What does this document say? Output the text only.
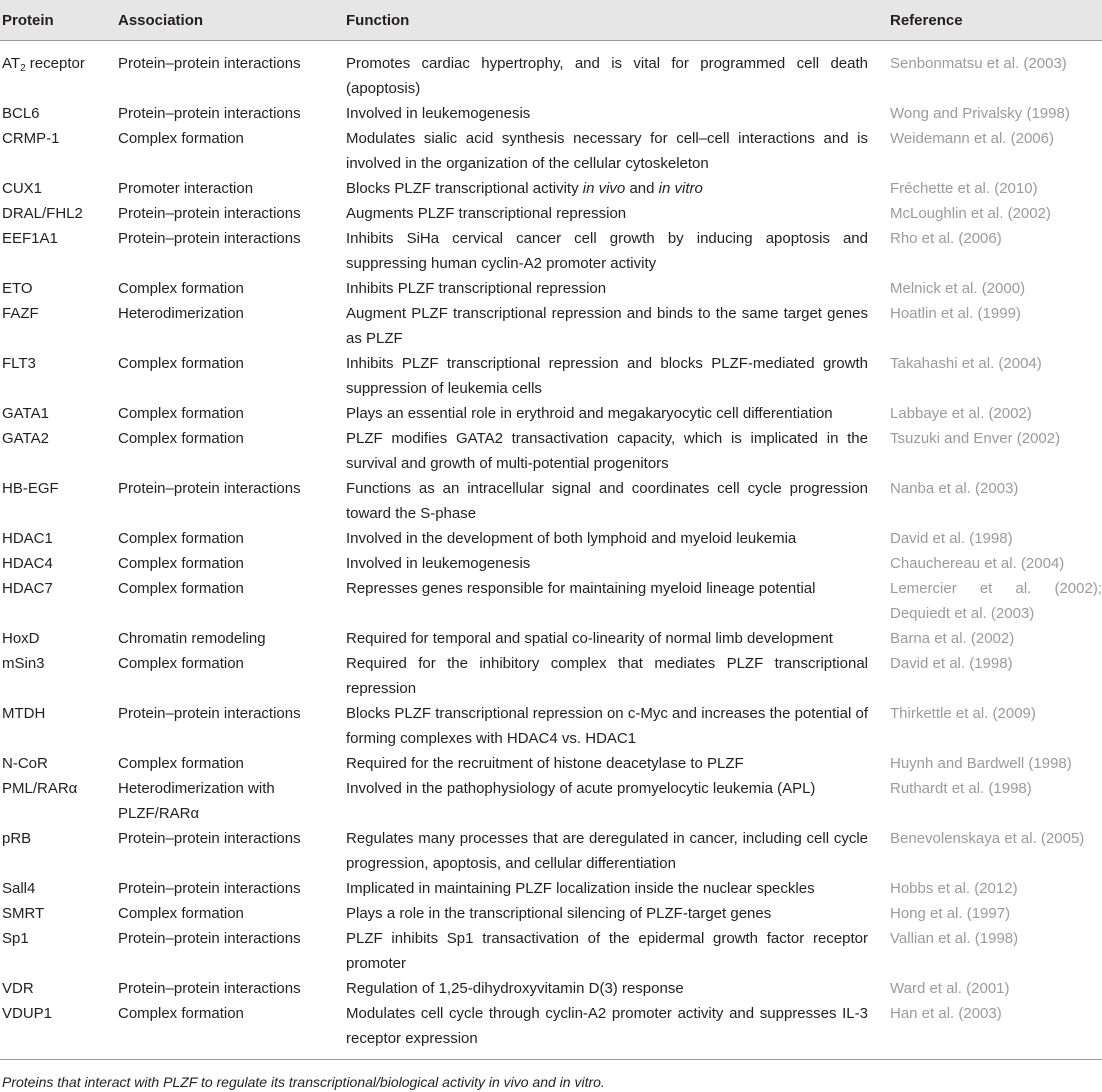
Protein	Association	Function	Reference
$AT_2$ receptor	Protein–protein interactions	Promotes cardiac hypertrophy, and is vital for programmed cell death (apoptosis)	Senbonmatsu et al. (2003)
BCL6	Protein–protein interactions	Involved in leukemogenesis	Wong and Privalsky (1998)
CRMP-1	Complex formation	Modulates sialic acid synthesis necessary for cell–cell interactions and is involved in the organization of the cellular cytoskeleton	Weidemann et al. (2006)
CUX1	Promoter interaction	Blocks PLZF transcriptional activity in vivo and in vitro	Fréchette et al. (2010)
DRAL/FHL2	Protein–protein interactions	Augments PLZF transcriptional repression	McLoughlin et al. (2002)
EEF1A1	Protein–protein interactions	Inhibits SiHa cervical cancer cell growth by inducing apoptosis and suppressing human cyclin-A2 promoter activity	Rho et al. (2006)
ETO	Complex formation	Inhibits PLZF transcriptional repression	Melnick et al. (2000)
FAZF	Heterodimerization	Augment PLZF transcriptional repression and binds to the same target genes as PLZF	Hoatlin et al. (1999)
FLT3	Complex formation	Inhibits PLZF transcriptional repression and blocks PLZF-mediated growth suppression of leukemia cells	Takahashi et al. (2004)
GATA1	Complex formation	Plays an essential role in erythroid and megakaryocytic cell differentiation	Labbaye et al. (2002)
GATA2	Complex formation	PLZF modifies GATA2 transactivation capacity, which is implicated in the survival and growth of multi-potential progenitors	Tsuzuki and Enver (2002)
HB-EGF	Protein–protein interactions	Functions as an intracellular signal and coordinates cell cycle progression toward the S-phase	Nanba et al. (2003)
HDAC1	Complex formation	Involved in the development of both lymphoid and myeloid leukemia	David et al. (1998)
HDAC4	Complex formation	Involved in leukemogenesis	Chauchereau et al. (2004)
HDAC7	Complex formation	Represses genes responsible for maintaining myeloid lineage potential	Lemercier et al. (2002); Dequiedt et al. (2003)
HoxD	Chromatin remodeling	Required for temporal and spatial co-linearity of normal limb development	Barna et al. (2002)
mSin3	Complex formation	Required for the inhibitory complex that mediates PLZF transcriptional repression	David et al. (1998)
MTDH	Protein–protein interactions	Blocks PLZF transcriptional repression on c-Myc and increases the potential of forming complexes with HDAC4 vs. HDAC1	Thirkettle et al. (2009)
N-CoR	Complex formation	Required for the recruitment of histone deacetylase to PLZF	Huynh and Bardwell (1998)
PML/RARα	Heterodimerization with PLZF/RARα	Involved in the pathophysiology of acute promyelocytic leukemia (APL)	Ruthardt et al. (1998)
pRB	Protein–protein interactions	Regulates many processes that are deregulated in cancer, including cell cycle progression, apoptosis, and cellular differentiation	Benevolenskaya et al. (2005)
Sall4	Protein–protein interactions	Implicated in maintaining PLZF localization inside the nuclear speckles	Hobbs et al. (2012)
SMRT	Complex formation	Plays a role in the transcriptional silencing of PLZF-target genes	Hong et al. (1997)
Sp1	Protein–protein interactions	PLZF inhibits Sp1 transactivation of the epidermal growth factor receptor promoter	Vallian et al. (1998)
VDR	Protein–protein interactions	Regulation of 1,25-dihydroxyvitamin D(3) response	Ward et al. (2001)
VDUP1	Complex formation	Modulates cell cycle through cyclin-A2 promoter activity and suppresses IL-3 receptor expression	Han et al. (2003)
Proteins that interact with PLZF to regulate its transcriptional/biological activity in vivo and in vitro.
